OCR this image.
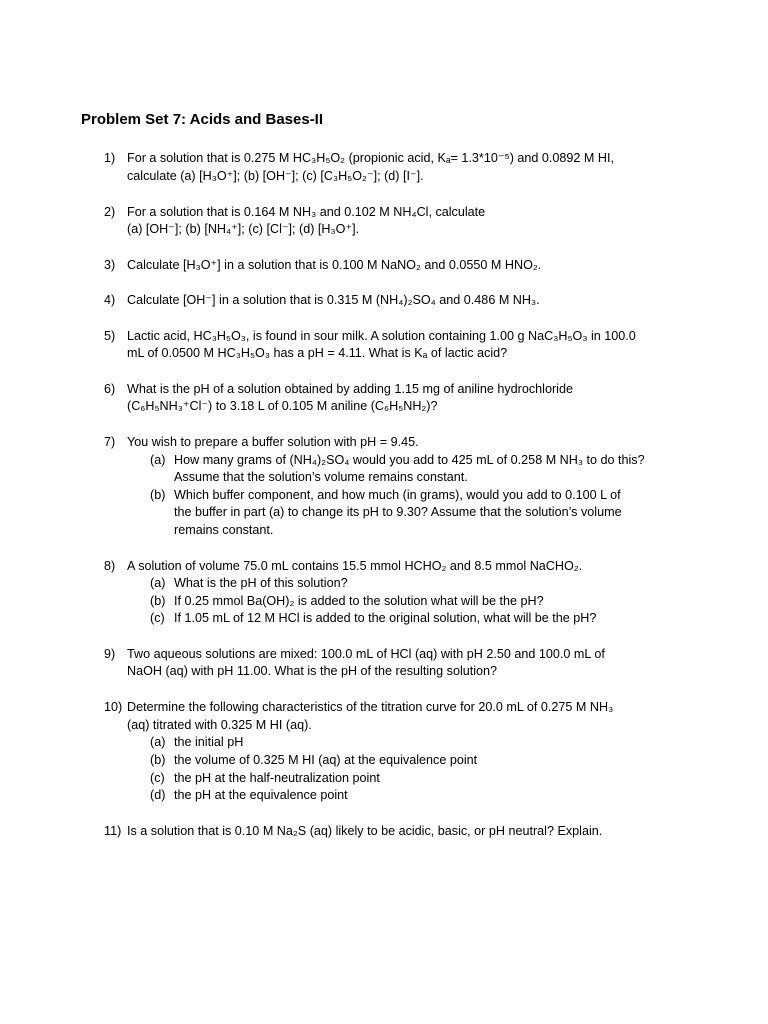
Problem Set 7: Acids and Bases-II
1) For a solution that is 0.275 M HC₃H₅O₂ (propionic acid, Kₐ= 1.3*10⁻⁵) and 0.0892 M HI,
calculate (a) [H₃O⁺]; (b) [OH⁻]; (c) [C₃H₅O₂⁻]; (d) [I⁻].
2) For a solution that is 0.164 M NH₃ and 0.102 M NH₄Cl, calculate
(a) [OH⁻]; (b) [NH₄⁺]; (c) [Cl⁻]; (d) [H₃O⁺].
3) Calculate [H₃O⁺] in a solution that is 0.100 M NaNO₂ and 0.0550 M HNO₂.
4) Calculate [OH⁻] in a solution that is 0.315 M (NH₄)₂SO₄ and 0.486 M NH₃.
5) Lactic acid, HC₃H₅O₃, is found in sour milk. A solution containing 1.00 g NaC₃H₅O₃ in 100.0
mL of 0.0500 M HC₃H₅O₃ has a pH = 4.11. What is Kₐ of lactic acid?
6) What is the pH of a solution obtained by adding 1.15 mg of aniline hydrochloride
(C₆H₅NH₃⁺Cl⁻) to 3.18 L of 0.105 M aniline (C₆H₅NH₂)?
7) You wish to prepare a buffer solution with pH = 9.45.
(a) How many grams of (NH₄)₂SO₄ would you add to 425 mL of 0.258 M NH₃ to do this?
Assume that the solution’s volume remains constant.
(b) Which buffer component, and how much (in grams), would you add to 0.100 L of
the buffer in part (a) to change its pH to 9.30? Assume that the solution’s volume
remains constant.
8) A solution of volume 75.0 mL contains 15.5 mmol HCHO₂ and 8.5 mmol NaCHO₂.
(a) What is the pH of this solution?
(b) If 0.25 mmol Ba(OH)₂ is added to the solution what will be the pH?
(c) If 1.05 mL of 12 M HCl is added to the original solution, what will be the pH?
9) Two aqueous solutions are mixed: 100.0 mL of HCl (aq) with pH 2.50 and 100.0 mL of
NaOH (aq) with pH 11.00. What is the pH of the resulting solution?
10) Determine the following characteristics of the titration curve for 20.0 mL of 0.275 M NH₃
(aq) titrated with 0.325 M HI (aq).
(a) the initial pH
(b) the volume of 0.325 M HI (aq) at the equivalence point
(c) the pH at the half-neutralization point
(d) the pH at the equivalence point
11) Is a solution that is 0.10 M Na₂S (aq) likely to be acidic, basic, or pH neutral? Explain.
